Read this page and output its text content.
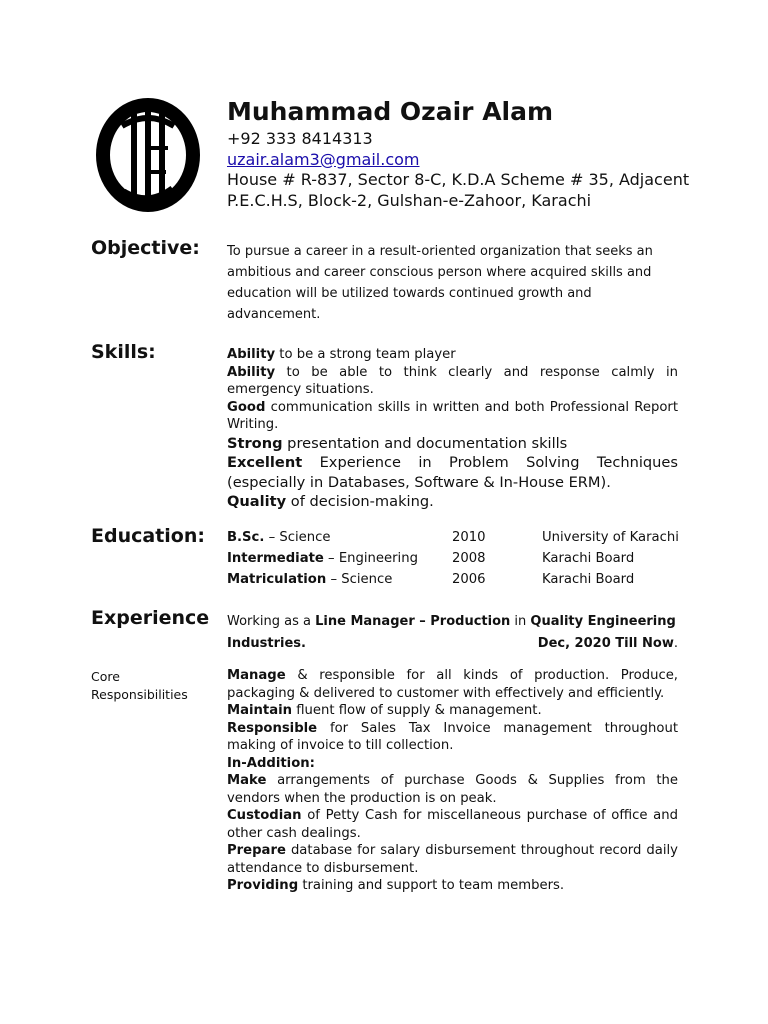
Muhammad Ozair Alam
+92 333 8414313
uzair.alam3@gmail.com
House # R-837, Sector 8-C, K.D.A Scheme # 35, Adjacent
P.E.C.H.S, Block-2, Gulshan-e-Zahoor, Karachi
Objective: To pursue a career in a result-oriented organization that seeks an ambitious and career conscious person where acquired skills and education will be utilized towards continued growth and advancement.
Skills:	Ability to be a strong team player

Ability to be able to think clearly and response calmly in emergency situations.

Good communication skills in written and both Professional Report Writing.

Strong presentation and documentation skills

Excellent Experience in Problem Solving Techniques (especially in Databases, Software & In-House ERM).

Quality of decision-making.

Education: B.Sc. – Science	2010	University of Karachi
Intermediate – Engineering	2008	Karachi Board
Matriculation – Science	2006	Karachi Board
Experience Working as a Line Manager – Production in Quality Engineering
Industries.	Dec, 2020 Till Now.
Core
Responsibilities

Manage & responsible for all kinds of production. Produce, packaging & delivered to customer with effectively and efficiently.

Maintain fluent flow of supply & management.

Responsible for Sales Tax Invoice management throughout making of invoice to till collection.

In-Addition:

Make arrangements of purchase Goods & Supplies from the vendors when the production is on peak.

Custodian of Petty Cash for miscellaneous purchase of office and other cash dealings.

Prepare database for salary disbursement throughout record daily attendance to disbursement.

Providing training and support to team members.
